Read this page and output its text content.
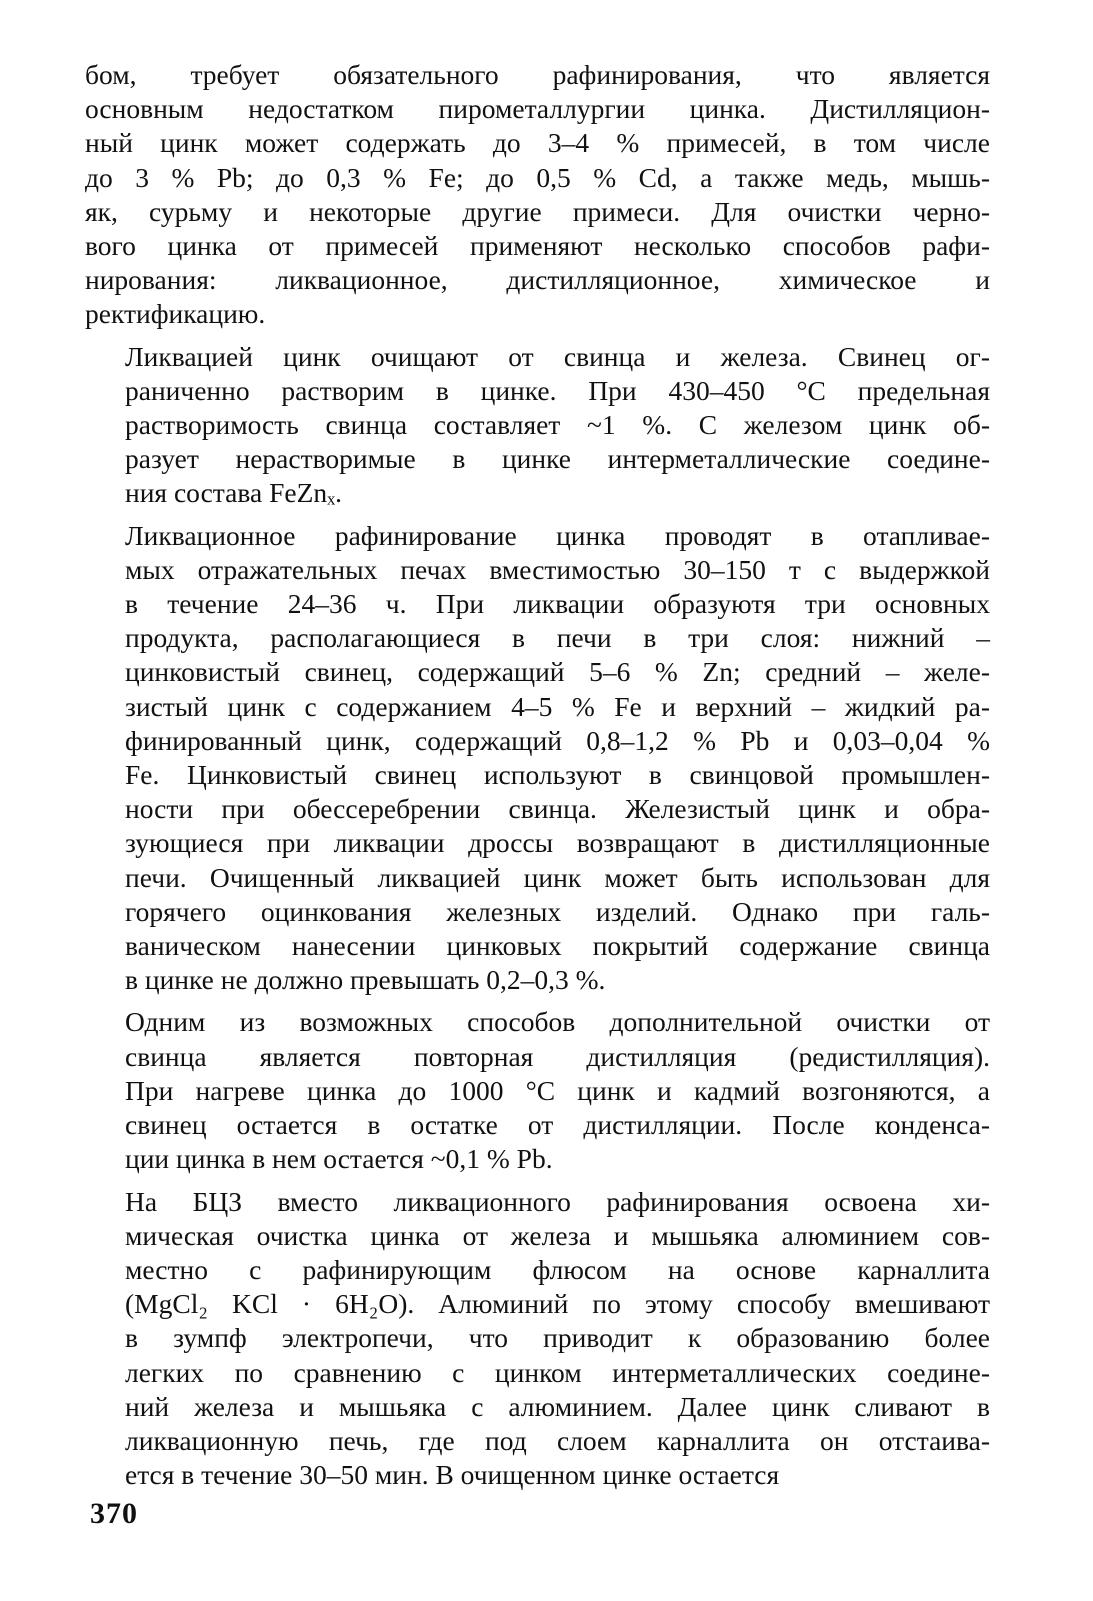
бом, требует обязательного рафинирования, что является
основным недостатком пирометаллургии цинка. Дистилляцион-
ный цинк может содержать до 3–4 % примесей, в том числе
до 3 % Pb; до 0,3 % Fe; до 0,5 % Cd, а также медь, мышь-
як, сурьму и некоторые другие примеси. Для очистки черно-
вого цинка от примесей применяют несколько способов рафи-
нирования: ликвационное, дистилляционное, химическое и
ректификацию.

Ликвацией цинк очищают от свинца и железа. Свинец ог-
раниченно растворим в цинке. При 430–450 °С предельная
растворимость свинца составляет ~1 %. С железом цинк об-
разует нерастворимые в цинке интерметаллические соедине-
ния состава FeZnₓ.

Ликвационное рафинирование цинка проводят в отапливае-
мых отражательных печах вместимостью 30–150 т с выдержкой
в течение 24–36 ч. При ликвации образуютя три основных
продукта, располагающиеся в печи в три слоя: нижний –
цинковистый свинец, содержащий 5–6 % Zn; средний – желе-
зистый цинк с содержанием 4–5 % Fe и верхний – жидкий ра-
финированный цинк, содержащий 0,8–1,2 % Pb и 0,03–0,04 %
Fe. Цинковистый свинец используют в свинцовой промышлен-
ности при обессеребрении свинца. Железистый цинк и обра-
зующиеся при ликвации дроссы возвращают в дистилляционные
печи. Очищенный ликвацией цинк может быть использован для
горячего оцинкования железных изделий. Однако при галь-
ваническом нанесении цинковых покрытий содержание свинца
в цинке не должно превышать 0,2–0,3 %.

Одним из возможных способов дополнительной очистки от
свинца является повторная дистилляция (редистилляция).
При нагреве цинка до 1000 °С цинк и кадмий возгоняются, а
свинец остается в остатке от дистилляции. После конденса-
ции цинка в нем остается ~0,1 % Pb.

На БЦЗ вместо ликвационного рафинирования освоена хи-
мическая очистка цинка от железа и мышьяка алюминием сов-
местно с рафинирующим флюсом на основе карналлита
(MgCl₂ KCl · 6H₂O). Алюминий по этому способу вмешивают
в зумпф электропечи, что приводит к образованию более
легких по сравнению с цинком интерметаллических соедине-
ний железа и мышьяка с алюминием. Далее цинк сливают в
ликвационную печь, где под слоем карналлита он отстаива-
ется в течение 30–50 мин. В очищенном цинке остается

370
